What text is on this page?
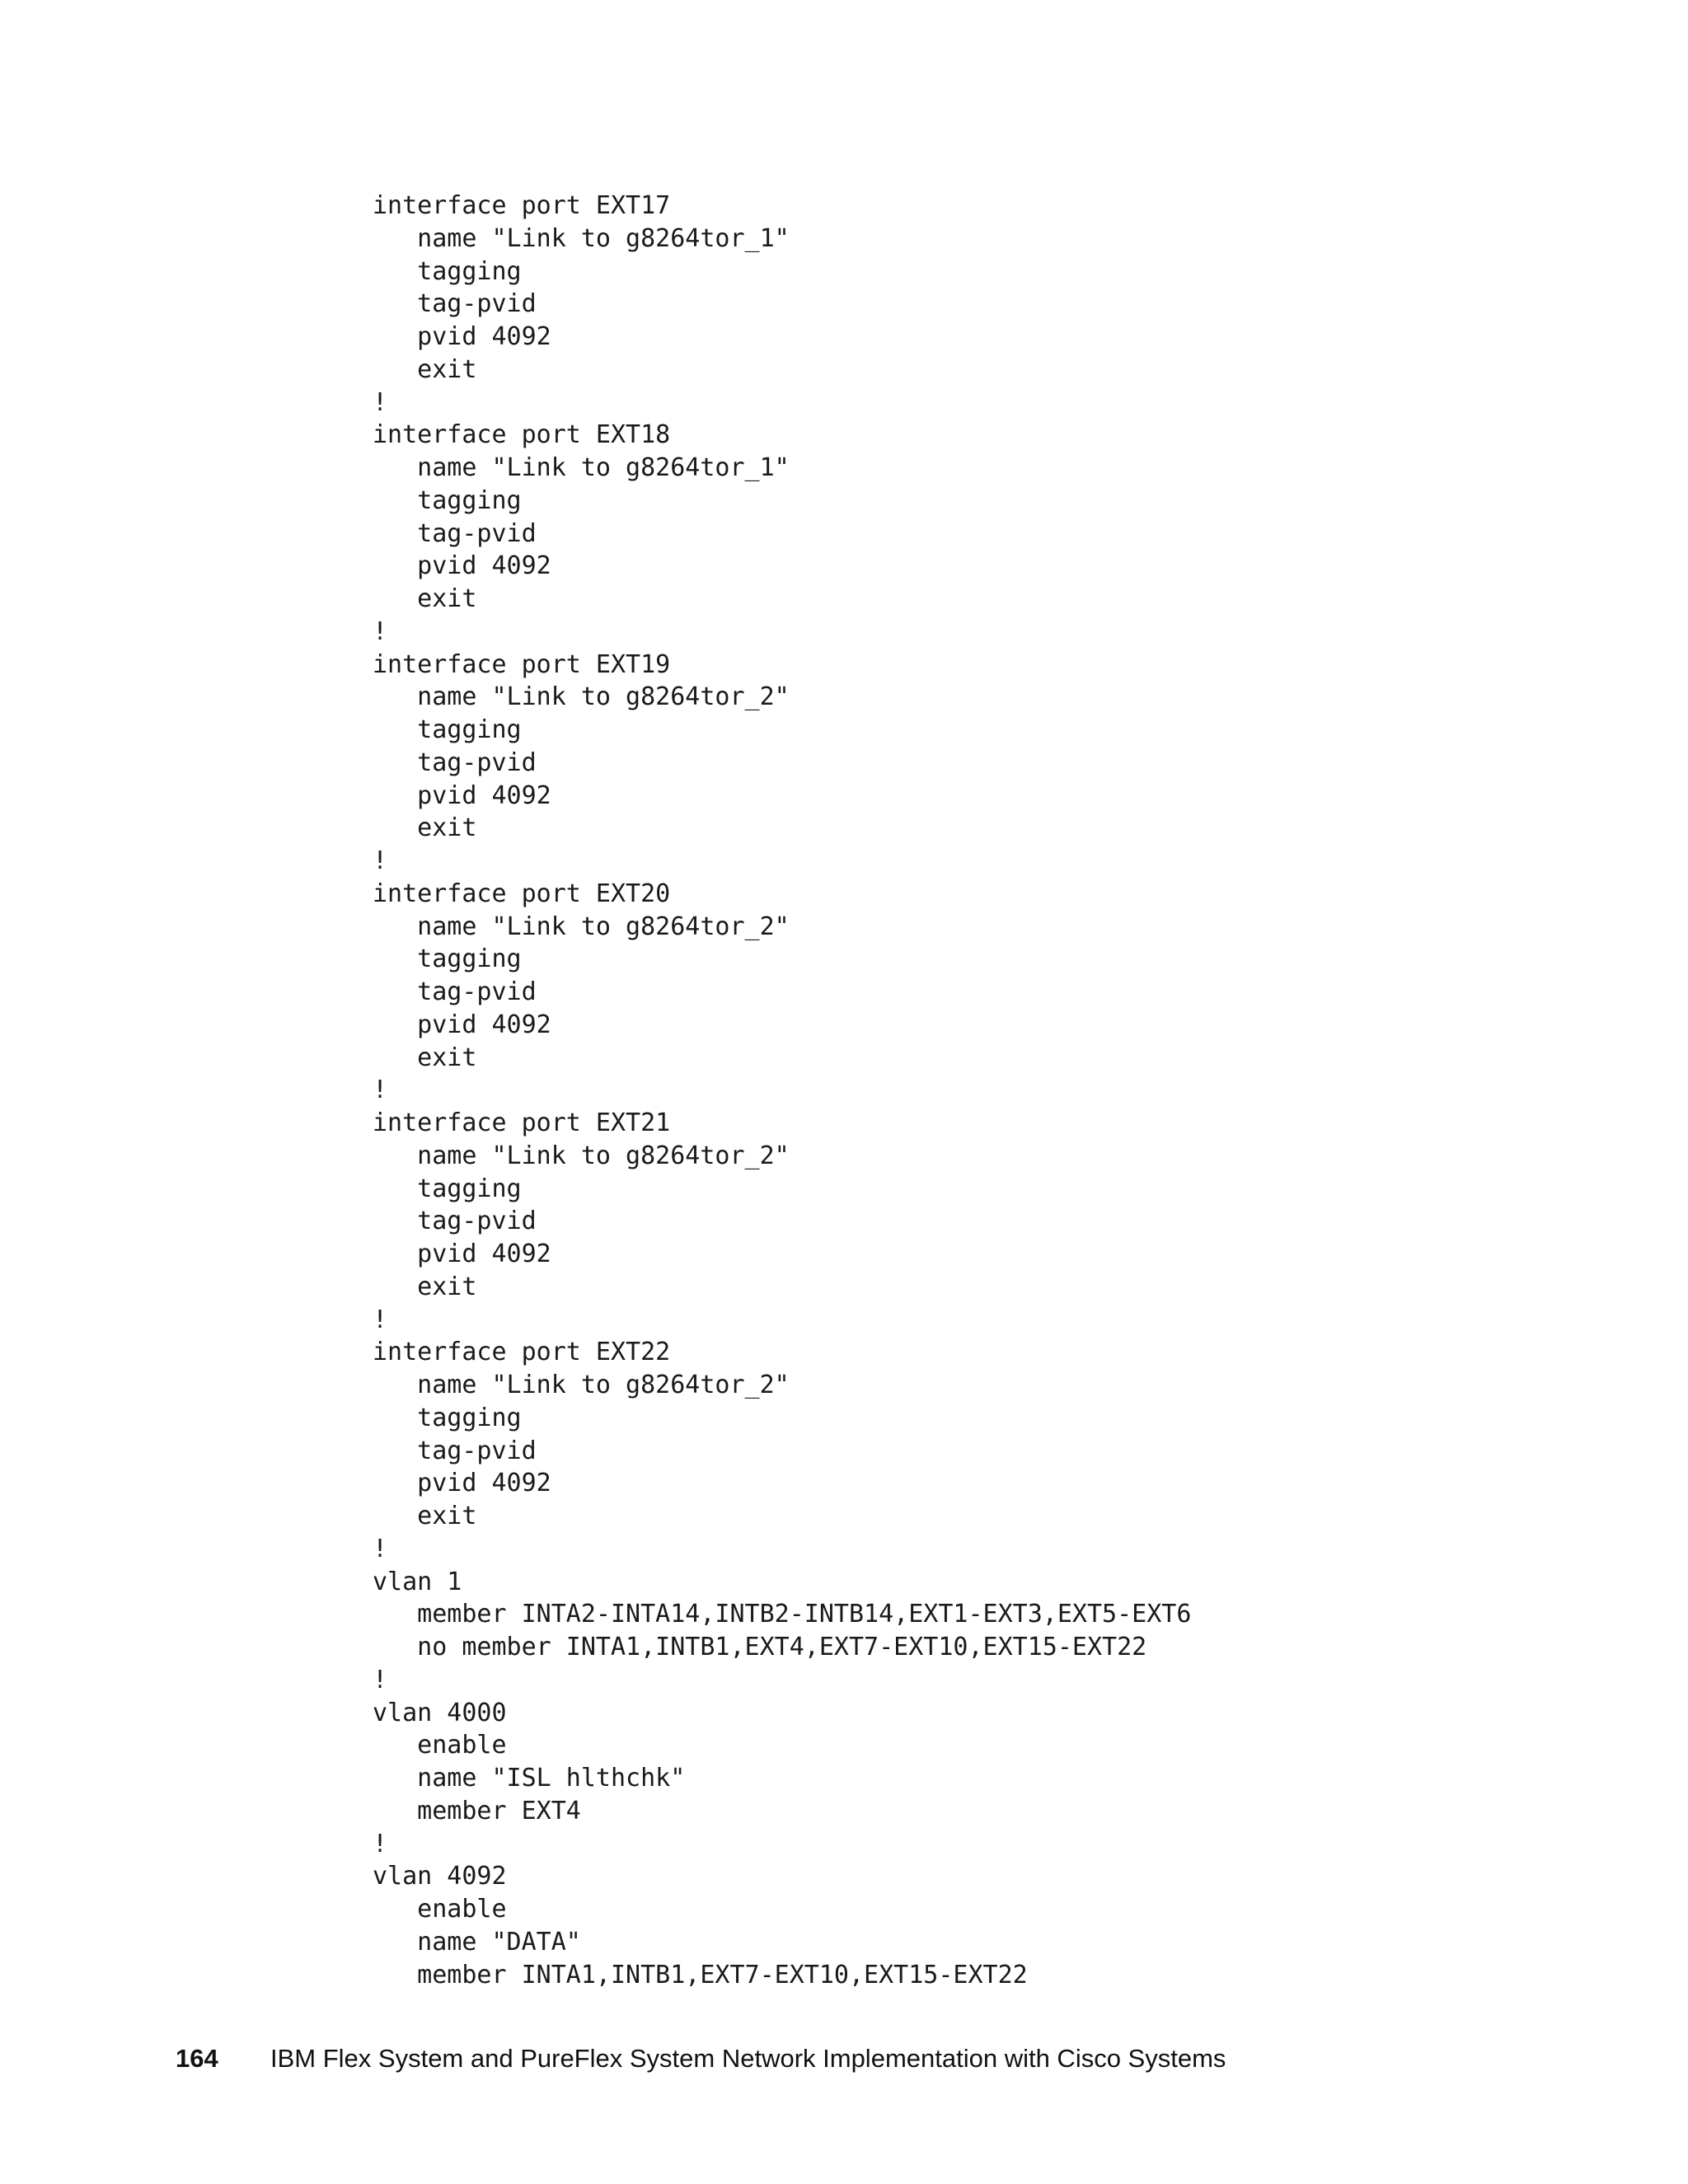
interface port EXT17
name "Link to g8264tor_1"
tagging
tag-pvid
pvid 4092
exit
!
interface port EXT18
name "Link to g8264tor_1"
tagging
tag-pvid
pvid 4092
exit
!
interface port EXT19
name "Link to g8264tor_2"
tagging
tag-pvid
pvid 4092
exit
!
interface port EXT20
name "Link to g8264tor_2"
tagging
tag-pvid
pvid 4092
exit
!
interface port EXT21
name "Link to g8264tor_2"
tagging
tag-pvid
pvid 4092
exit
!
interface port EXT22
name "Link to g8264tor_2"
tagging
tag-pvid
pvid 4092
exit
!
vlan 1
member INTA2-INTA14,INTB2-INTB14,EXT1-EXT3,EXT5-EXT6
no member INTA1,INTB1,EXT4,EXT7-EXT10,EXT15-EXT22
!
vlan 4000
enable
name "ISL hlthchk"
member EXT4
!
vlan 4092
enable
name "DATA"
member INTA1,INTB1,EXT7-EXT10,EXT15-EXT22
164 IBM Flex System and PureFlex System Network Implementation with Cisco Systems
